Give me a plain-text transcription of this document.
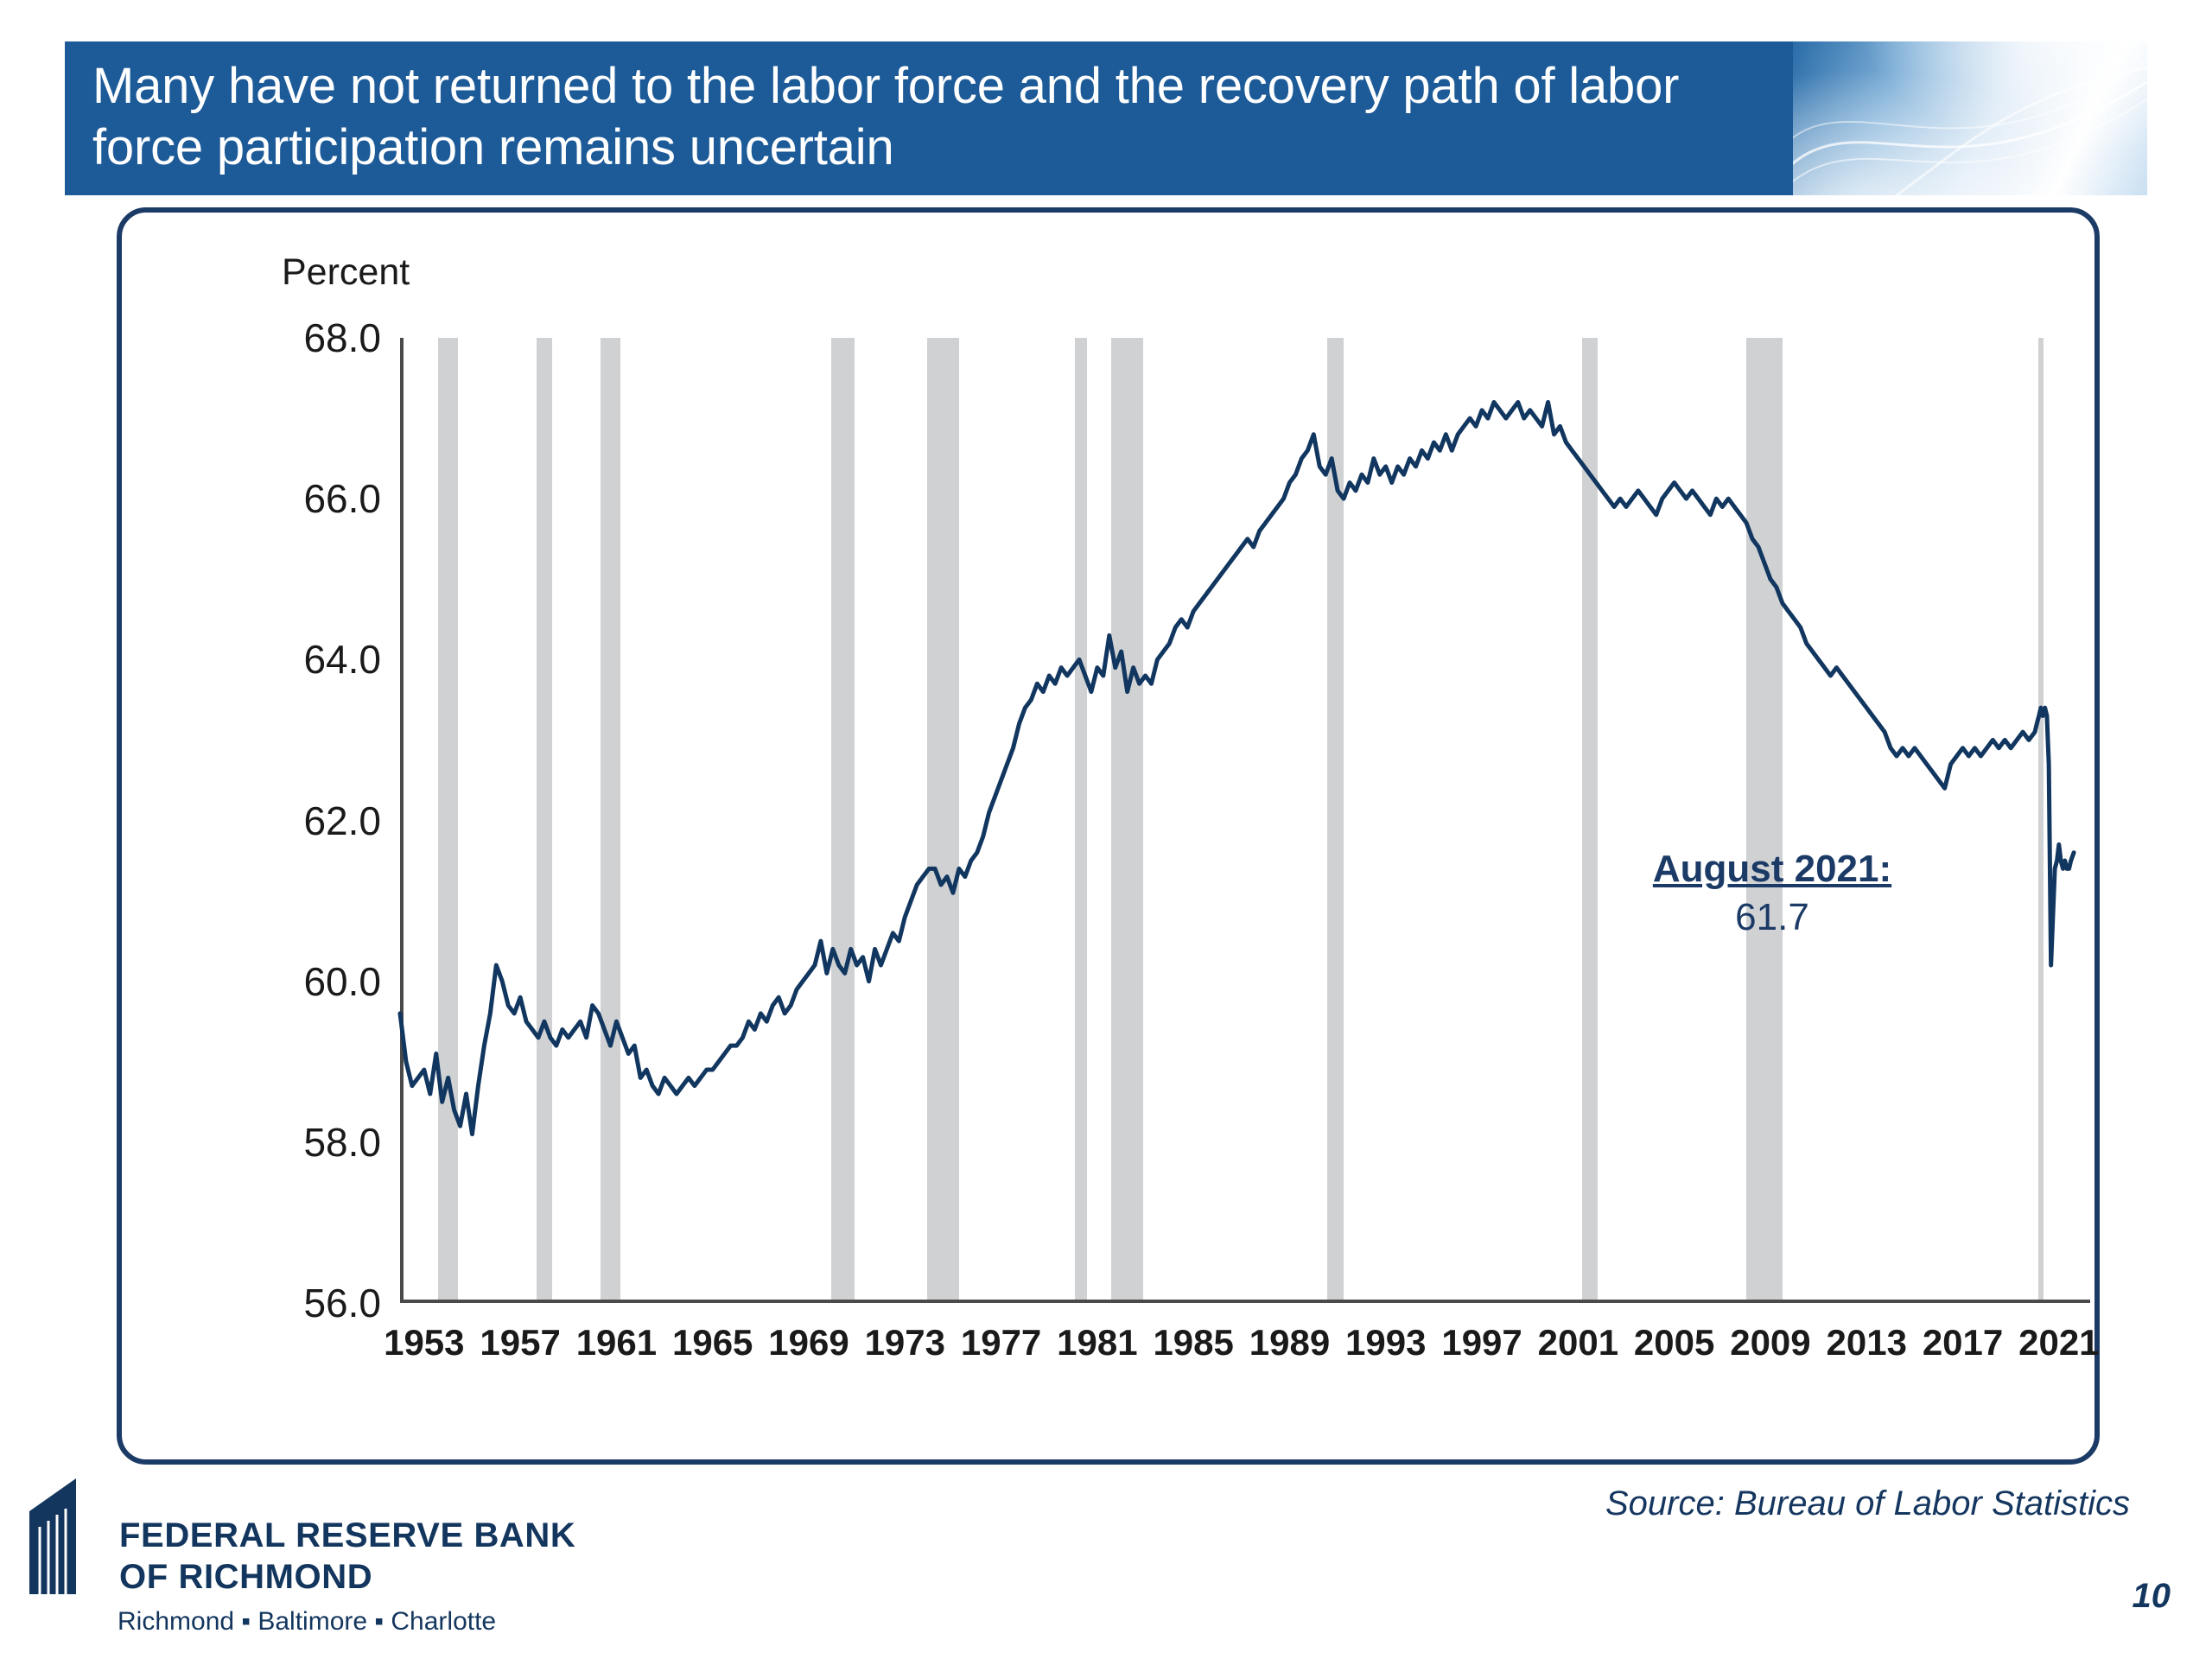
Many have not returned to the labor force and the recovery path of labor force participation remains uncertain
Percent
68.0
66.0
64.0
62.0
60.0
58.0
56.0
1953 1957 1961 1965 1969 1973 1977 1981 1985 1989 1993 1997 2001 2005 2009 2013 2017 2021
August 2021:
61.7
Source: Bureau of Labor Statistics
FEDERAL RESERVE BANK
OF RICHMOND
Richmond ▪ Baltimore ▪ Charlotte
10
